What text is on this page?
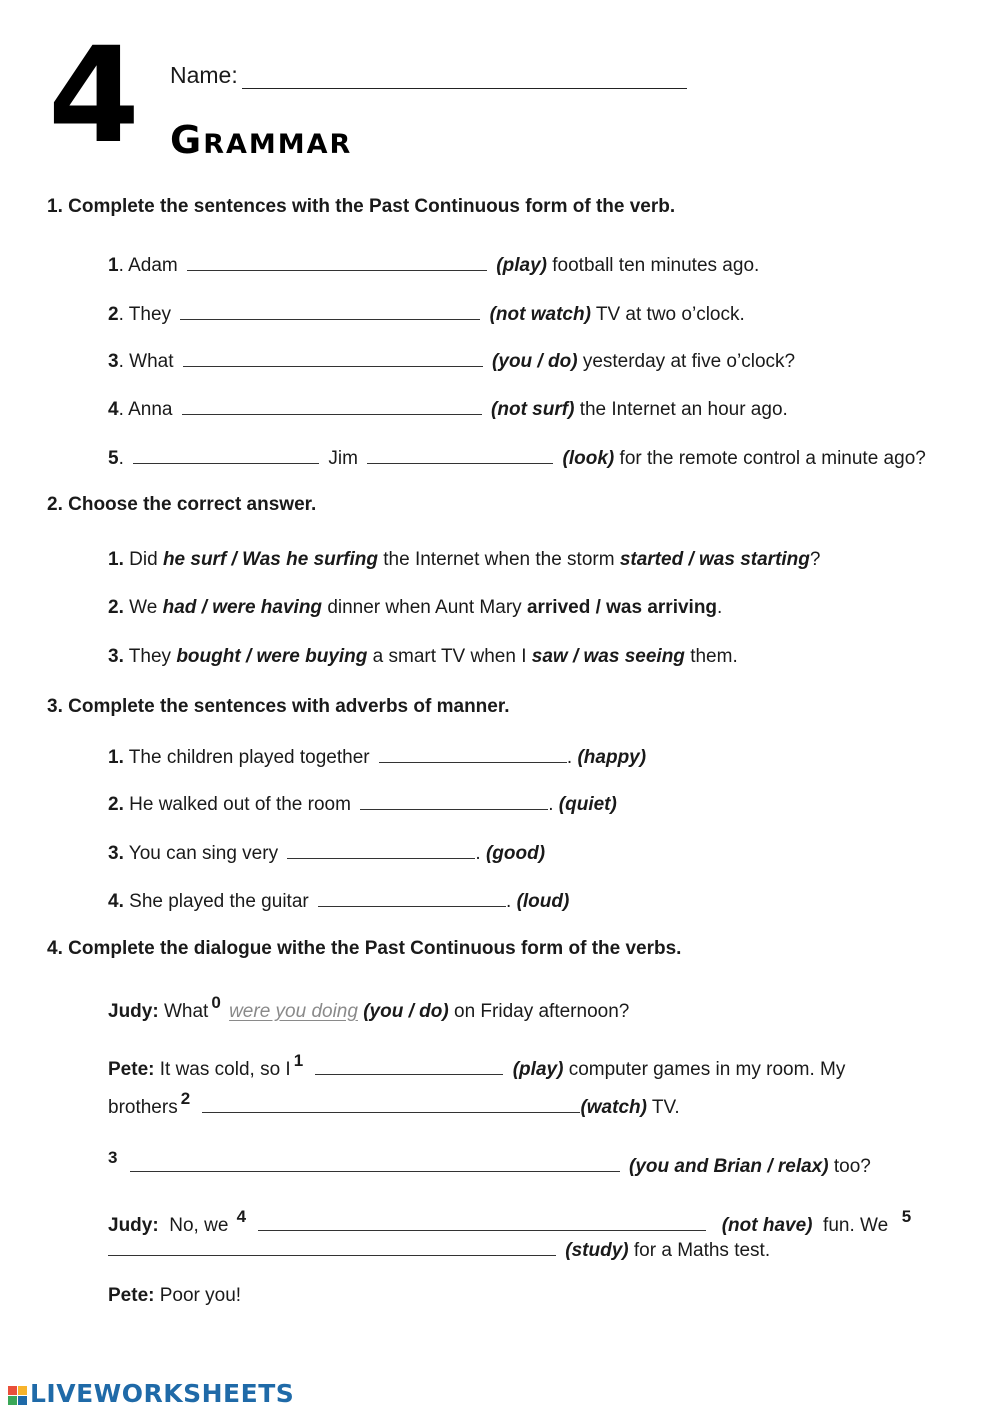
4 Name:
Grammar
1. Complete the sentences with the Past Continuous form of the verb.
1. Adam	(play) football ten minutes ago.
2. They	(not watch) TV at two o’clock.
3. What	(you / do) yesterday at five o’clock?
4. Anna	(not surf) the Internet an hour ago.
5.	Jim	(look) for the remote control a minute ago?
2. Choose the correct answer.
1. Did he surf / Was he surfing the Internet when the storm started / was starting?
2. We had / were having dinner when Aunt Mary arrived / was arriving.
3. They bought / were buying a smart TV when I saw / was seeing them.
3. Complete the sentences with adverbs of manner.
1. The children played together	. (happy)
2. He walked out of the room	. (quiet)
3. You can sing very	. (good)
4. She played the guitar	. (loud)
4. Complete the dialogue withe the Past Continuous form of the verbs.
Judy: What $^0$ were you doing (you / do) on Friday afternoon?
Pete: It was cold, so I $^1$	(play) computer games in my room. My
brothers $^2$	(watch) TV.
$^3$	(you and Brian / relax) too?
Judy: No, we $^4$	(not have) fun. We $^5$
(study) for a Maths test.
Pete: Poor you!
LIVEWORKSHEETS
